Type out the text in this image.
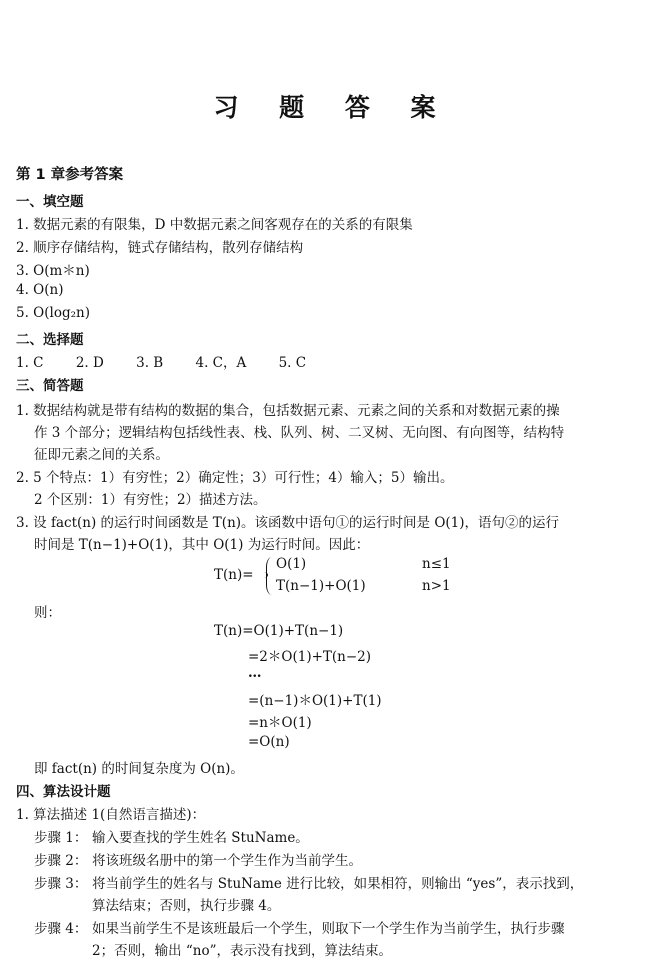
习 题 答 案
第 1 章参考答案
一、填空题
1. 数据元素的有限集，D 中数据元素之间客观存在的关系的有限集
2. 顺序存储结构，链式存储结构，散列存储结构
3. O(m＊n)
4. O(n)
5. O(log₂n)
二、选择题
1. C 2. D 3. B 4. C，A 5. C
三、简答题
1. 数据结构就是带有结构的数据的集合，包括数据元素、元素之间的关系和对数据元素的操
作 3 个部分；逻辑结构包括线性表、栈、队列、树、二叉树、无向图、有向图等，结构特
征即元素之间的关系。
2. 5 个特点：1）有穷性；2）确定性；3）可行性；4）输入；5）输出。
2 个区别：1）有穷性；2）描述方法。
3. 设 fact(n) 的运行时间函数是 T(n)。该函数中语句①的运行时间是 O(1)，语句②的运行
时间是 T(n−1)+O(1)，其中 O(1) 为运行时间。因此：
T(n)=
O(1)	n≤1
T(n−1)+O(1)	n>1
则：
T(n)=O(1)+T(n−1)
=2＊O(1)+T(n−2)
…
=(n−1)＊O(1)+T(1)
=n＊O(1)
=O(n)
即 fact(n) 的时间复杂度为 O(n)。
四、算法设计题
1. 算法描述 1(自然语言描述)：
步骤 1： 输入要查找的学生姓名 StuName。
步骤 2： 将该班级名册中的第一个学生作为当前学生。
步骤 3： 将当前学生的姓名与 StuName 进行比较，如果相符，则输出 “yes”，表示找到，
算法结束；否则，执行步骤 4。
步骤 4： 如果当前学生不是该班最后一个学生，则取下一个学生作为当前学生，执行步骤
2；否则，输出 “no”，表示没有找到，算法结束。
